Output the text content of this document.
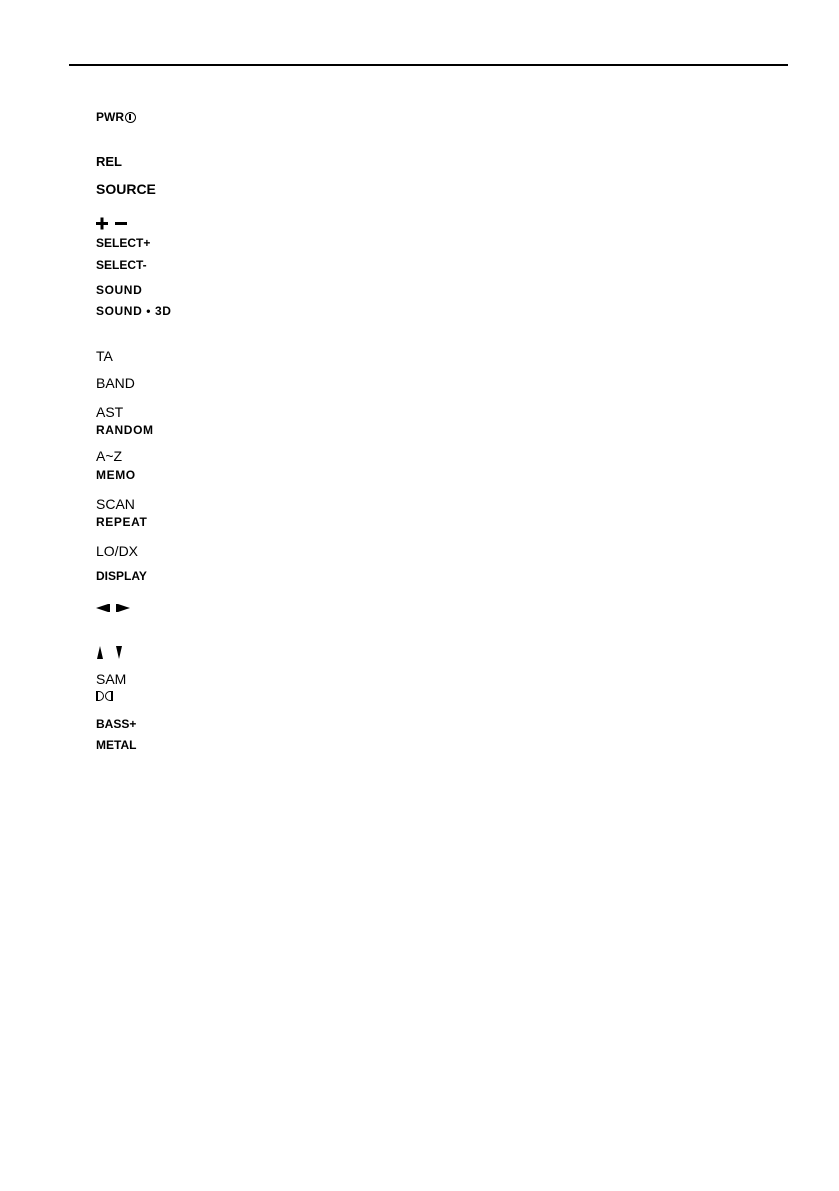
PWR
REL
SOURCE
SELECT+
SELECT-
SOUND
SOUND • 3D
TA
BAND
AST
RANDOM
A~Z
MEMO
SCAN
REPEAT
LO/DX
DISPLAY
SAM
BASS+
METAL
